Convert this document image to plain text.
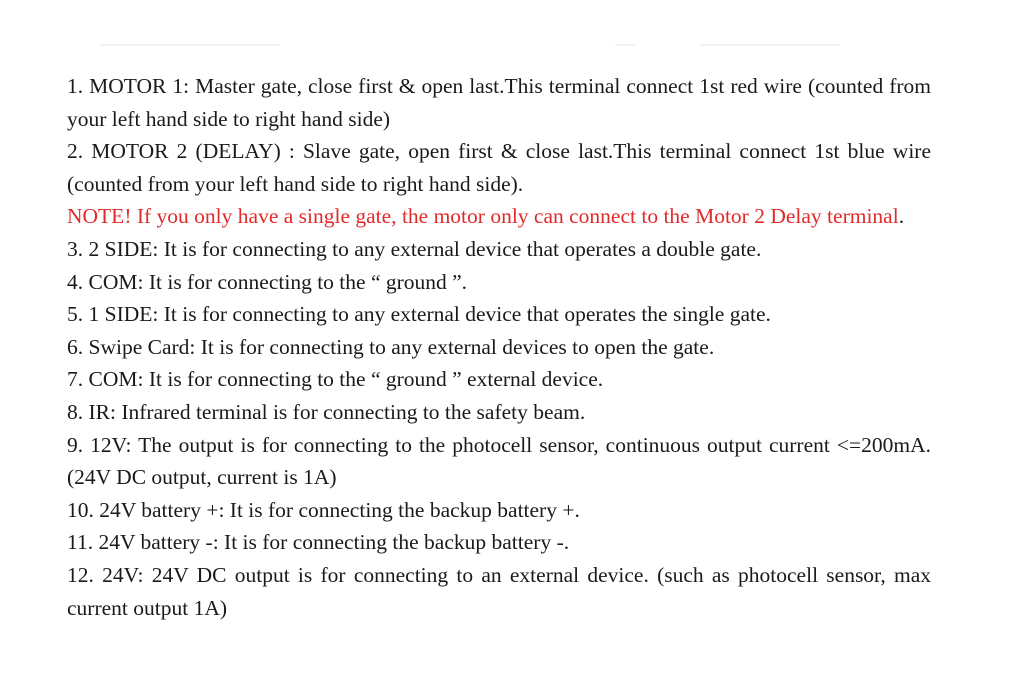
1. MOTOR 1: Master gate, close first & open last.This terminal connect 1st red wire (counted from your left hand side to right hand side)

2. MOTOR 2 (DELAY) : Slave gate, open first & close last.This terminal connect 1st blue wire (counted from your left hand side to right hand side).

NOTE! If you only have a single gate, the motor only can connect to the Motor 2 Delay terminal.

3. 2 SIDE: It is for connecting to any external device that operates a double gate.

4. COM: It is for connecting to the “ ground ”.

5. 1 SIDE: It is for connecting to any external device that operates the single gate.

6. Swipe Card: It is for connecting to any external devices to open the gate.

7. COM: It is for connecting to the “ ground ” external device.

8. IR: Infrared terminal is for connecting to the safety beam.

9. 12V: The output is for connecting to the photocell sensor, continuous output current <=200mA. (24V DC output, current is 1A)

10. 24V battery +: It is for connecting the backup battery +.

11. 24V battery -: It is for connecting the backup battery -.

12. 24V: 24V DC output is for connecting to an external device. (such as photocell sensor, max current output 1A)
